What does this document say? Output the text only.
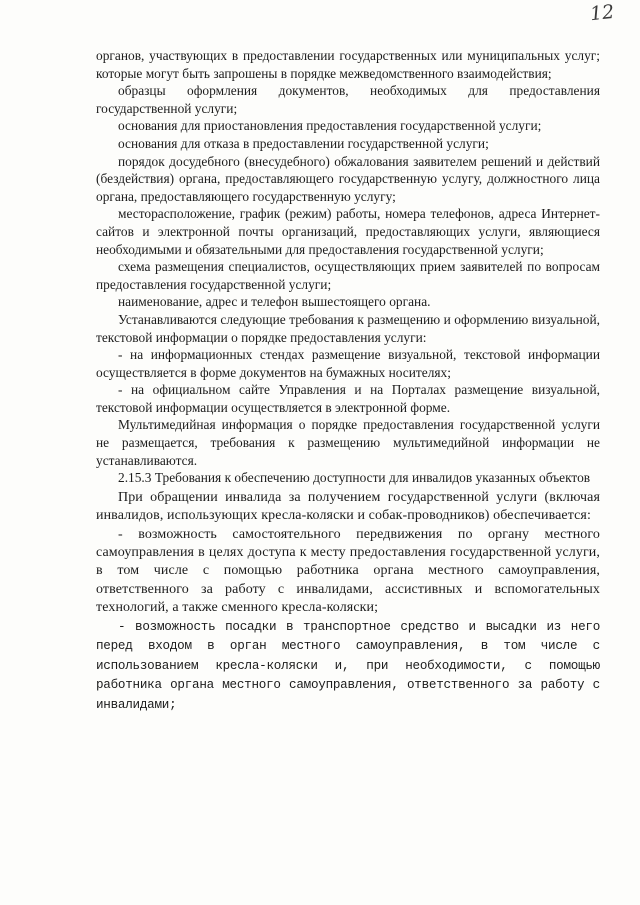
12

органов, участвующих в предоставлении государственных или муниципальных услуг; которые могут быть запрошены в порядке межведомственного взаимодействия;

образцы оформления документов, необходимых для предоставления государственной услуги;

основания для приостановления предоставления государственной услуги;

основания для отказа в предоставлении государственной услуги;

порядок досудебного (внесудебного) обжалования заявителем решений и действий (бездействия) органа, предоставляющего государственную услугу, должностного лица органа, предоставляющего государственную услугу;

месторасположение, график (режим) работы, номера телефонов, адреса Интернет-сайтов и электронной почты организаций, предоставляющих услуги, являющиеся необходимыми и обязательными для предоставления государственной услуги;

схема размещения специалистов, осуществляющих прием заявителей по вопросам предоставления государственной услуги;

наименование, адрес и телефон вышестоящего органа.

Устанавливаются следующие требования к размещению и оформлению визуальной, текстовой информации о порядке предоставления услуги:

- на информационных стендах размещение визуальной, текстовой информации осуществляется в форме документов на бумажных носителях;

- на официальном сайте Управления и на Порталах размещение визуальной, текстовой информации осуществляется в электронной форме.

Мультимедийная информация о порядке предоставления государственной услуги не размещается, требования к размещению мультимедийной информации не устанавливаются.

2.15.3 Требования к обеспечению доступности для инвалидов указанных объектов

При обращении инвалида за получением государственной услуги (включая инвалидов, использующих кресла-коляски и собак-проводников) обеспечивается:

- возможность самостоятельного передвижения по органу местного самоуправления в целях доступа к месту предоставления государственной услуги, в том числе с помощью работника органа местного самоуправления, ответственного за работу с инвалидами, ассистивных и вспомогательных технологий, а также сменного кресла-коляски;

- возможность посадки в транспортное средство и высадки из него перед входом в орган местного самоуправления, в том числе с использованием кресла-коляски и, при необходимости, с помощью работника органа местного самоуправления, ответственного за работу с инвалидами;
